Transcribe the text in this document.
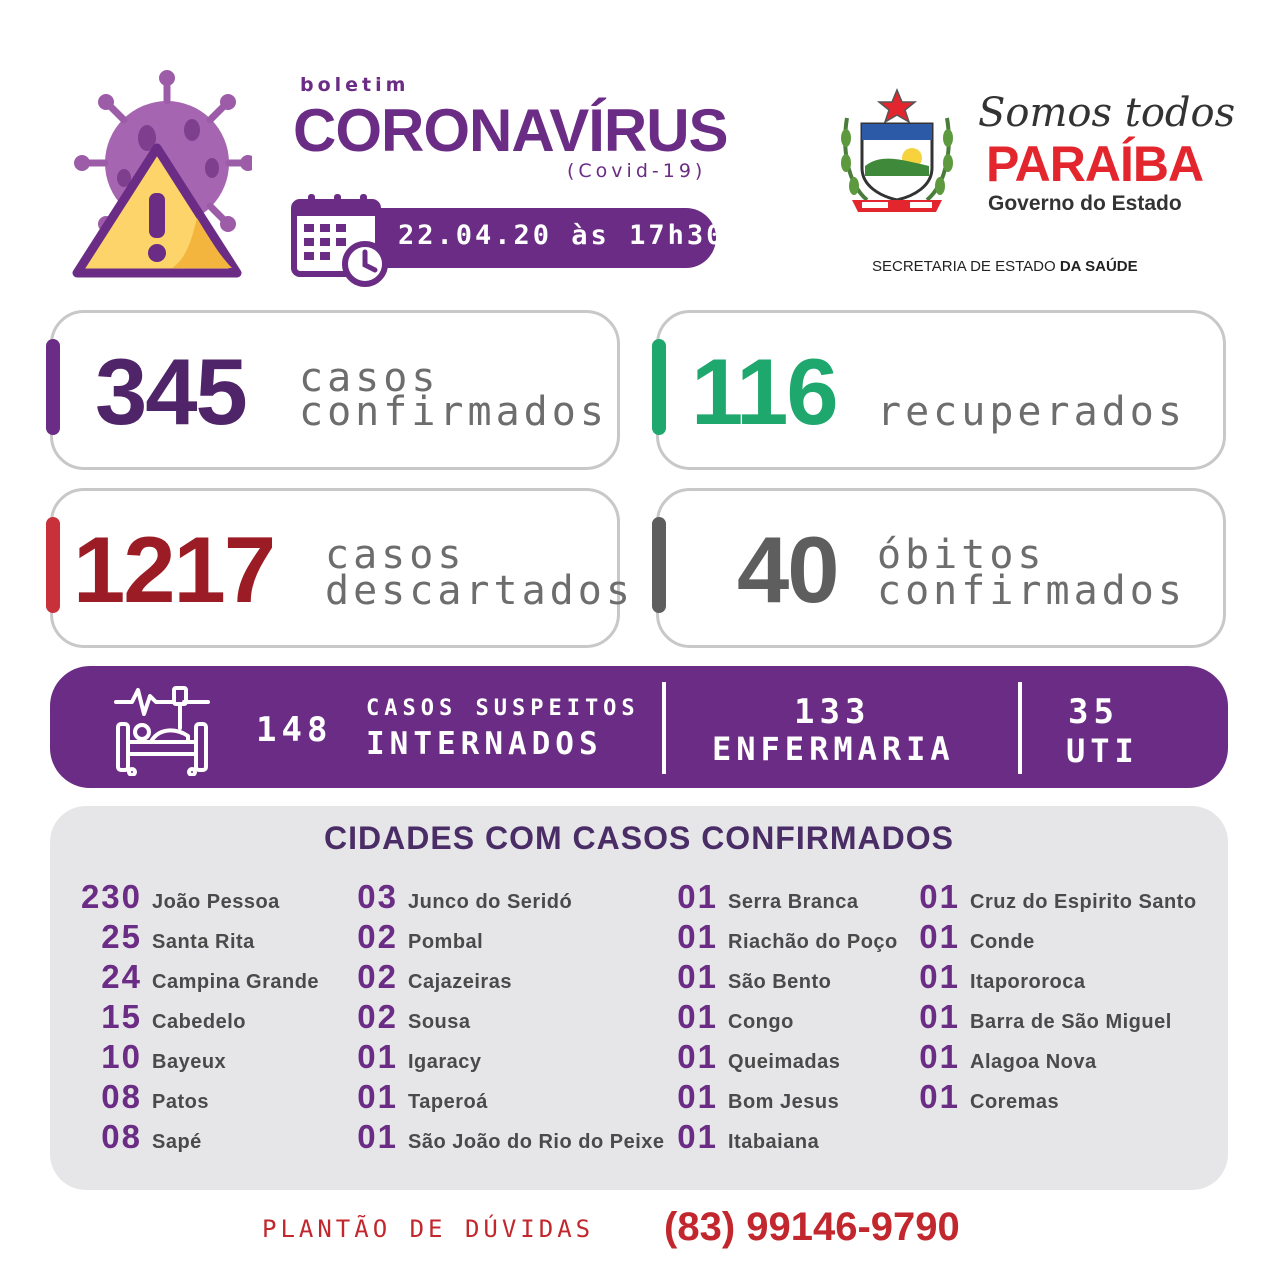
boletim
CORONAVÍRUS
(Covid-19)
22.04.20 às 17h30
Somos todos
PARAÍBA
Governo do Estado
SECRETARIA DE ESTADO DA SAÚDE
345 casos
confirmados 116 recuperados
1217 casos
descartados 40 óbitos
confirmados
148
CASOS SUSPEITOS
INTERNADOS
133
ENFERMARIA
35
UTI
CIDADES COM CASOS CONFIRMADOS
230 João Pessoa
25 Santa Rita
24 Campina Grande
15 Cabedelo
10 Bayeux
08 Patos
08 Sapé
03 Junco do Seridó
02 Pombal
02 Cajazeiras
02 Sousa
01 Igaracy
01 Taperoá
01 São João do Rio do Peixe
01 Serra Branca
01 Riachão do Poço
01 São Bento
01 Congo
01 Queimadas
01 Bom Jesus
01 Itabaiana
01 Cruz do Espirito Santo
01 Conde
01 Itapororoca
01 Barra de São Miguel
01 Alagoa Nova
01 Coremas
PLANTÃO DE DÚVIDAS (83) 99146-9790
